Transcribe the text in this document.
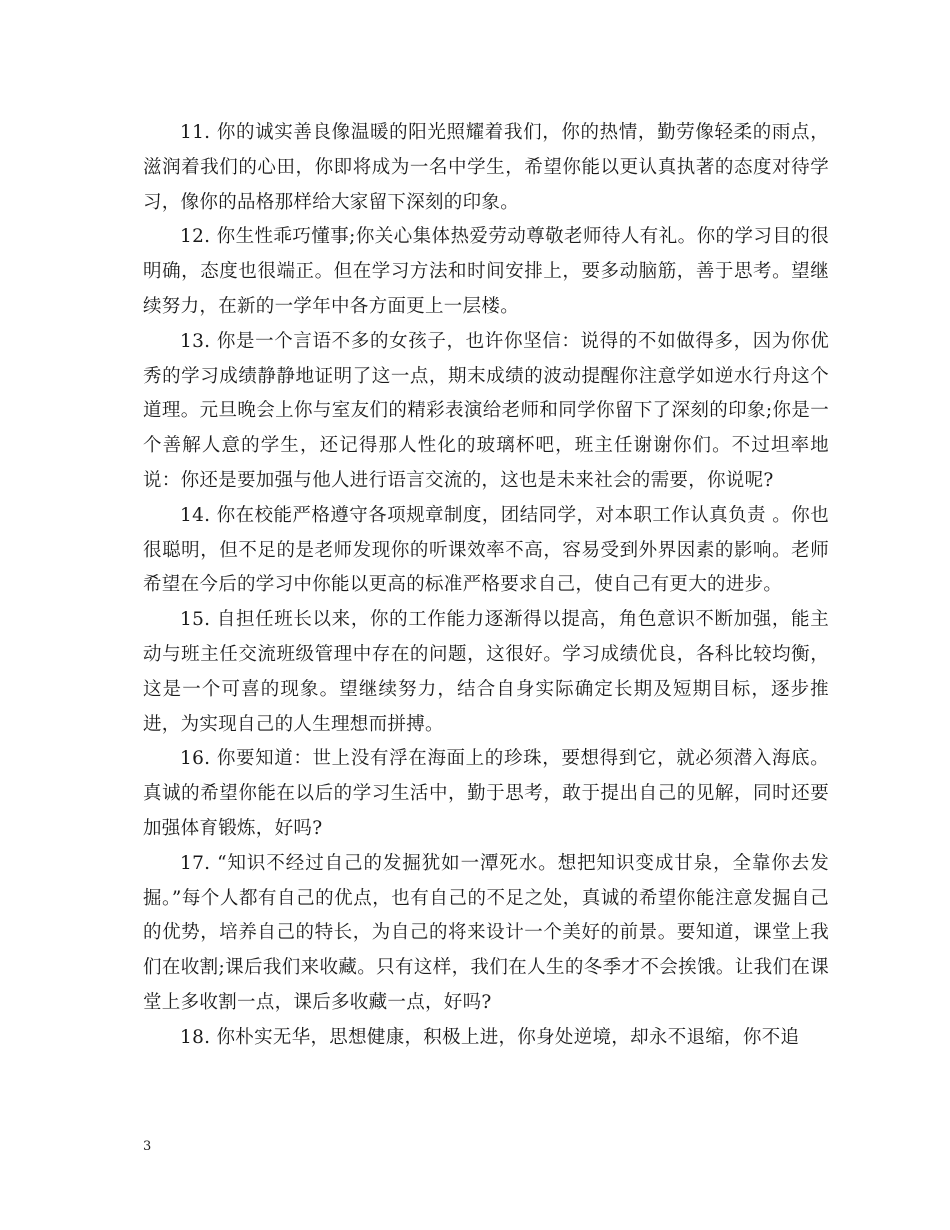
11. 你的诚实善良像温暖的阳光照耀着我们，你的热情，勤劳像轻柔的雨点，滋润着我们的心田，你即将成为一名中学生，希望你能以更认真执著的态度对待学习，像你的品格那样给大家留下深刻的印象。

12. 你生性乖巧懂事;你关心集体热爱劳动尊敬老师待人有礼。你的学习目的很明确，态度也很端正。但在学习方法和时间安排上，要多动脑筋，善于思考。望继续努力，在新的一学年中各方面更上一层楼。

13. 你是一个言语不多的女孩子，也许你坚信：说得的不如做得多，因为你优秀的学习成绩静静地证明了这一点，期末成绩的波动提醒你注意学如逆水行舟这个道理。元旦晚会上你与室友们的精彩表演给老师和同学你留下了深刻的印象;你是一个善解人意的学生，还记得那人性化的玻璃杯吧，班主任谢谢你们。不过坦率地说：你还是要加强与他人进行语言交流的，这也是未来社会的需要，你说呢?

14. 你在校能严格遵守各项规章制度，团结同学，对本职工作认真负责 。你也很聪明，但不足的是老师发现你的听课效率不高，容易受到外界因素的影响。老师希望在今后的学习中你能以更高的标准严格要求自己，使自己有更大的进步。

15. 自担任班长以来，你的工作能力逐渐得以提高，角色意识不断加强，能主动与班主任交流班级管理中存在的问题，这很好。学习成绩优良，各科比较均衡，这是一个可喜的现象。望继续努力，结合自身实际确定长期及短期目标，逐步推进，为实现自己的人生理想而拼搏。

16. 你要知道：世上没有浮在海面上的珍珠，要想得到它，就必须潜入海底。真诚的希望你能在以后的学习生活中，勤于思考，敢于提出自己的见解，同时还要加强体育锻炼，好吗?

17. “知识不经过自己的发掘犹如一潭死水。想把知识变成甘泉，全靠你去发掘。”每个人都有自己的优点，也有自己的不足之处，真诚的希望你能注意发掘自己的优势，培养自己的特长，为自己的将来设计一个美好的前景。要知道，课堂上我们在收割;课后我们来收藏。只有这样，我们在人生的冬季才不会挨饿。让我们在课堂上多收割一点，课后多收藏一点，好吗?

18. 你朴实无华，思想健康，积极上进，你身处逆境，却永不退缩，你不追

3
